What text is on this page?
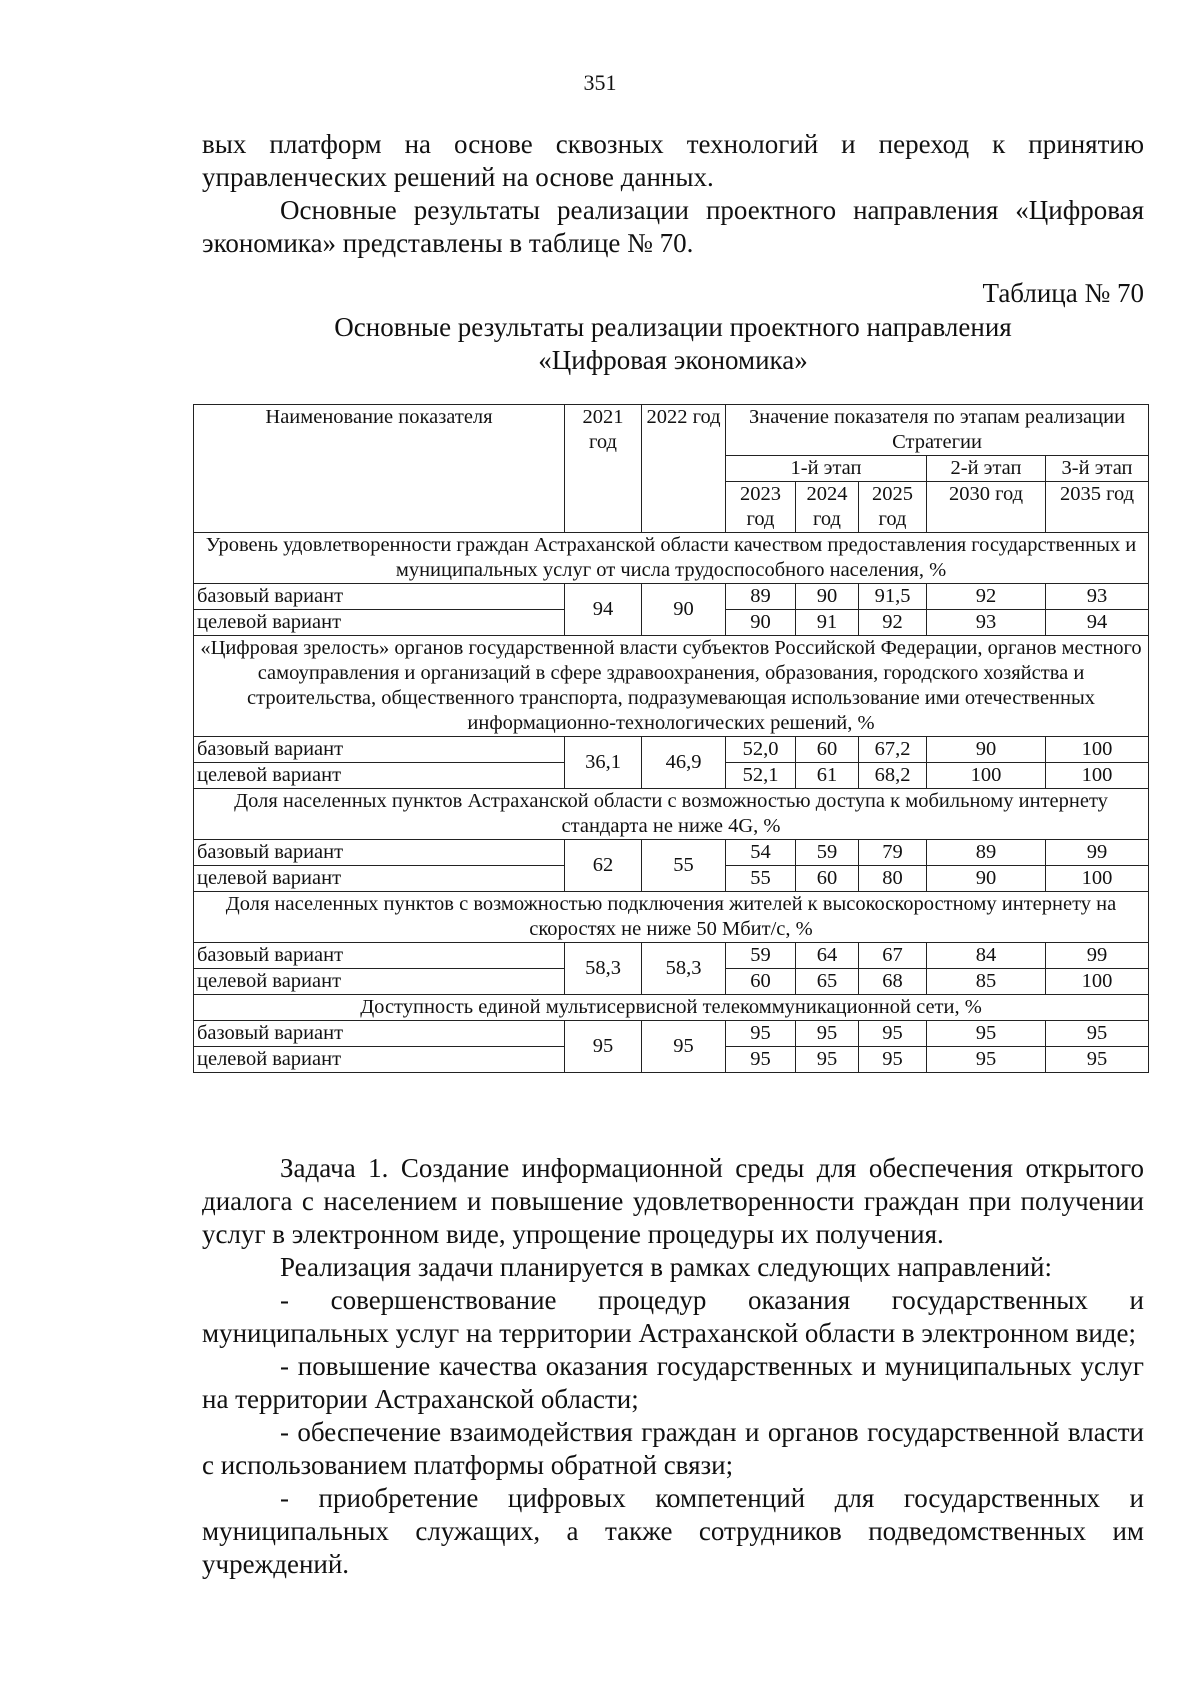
351

вых платформ на основе сквозных технологий и переход к принятию управленческих решений на основе данных.

Основные результаты реализации проектного направления «Цифровая экономика» представлены в таблице № 70.

Таблица № 70
Основные результаты реализации проектного направления
«Цифровая экономика»
Наименование показателя	2021 год	2022 год	Значение показателя по этапам реализации Стратегии				
			1-й этап			2-й этап	3-й этап
			2023 год	2024 год	2025 год	2030 год	2035 год
Уровень удовлетворенности граждан Астраханской области качеством предоставления государственных и муниципальных услуг от числа трудоспособного населения, %							
базовый вариант	94	90	89	90	91,5	92	93
целевой вариант			90	91	92	93	94
«Цифровая зрелость» органов государственной власти субъектов Российской Федерации, органов местного самоуправления и организаций в сфере здравоохранения, образования, городского хозяйства и строительства, общественного транспорта, подразумевающая использование ими отечественных информационно-технологических решений, %							
базовый вариант	36,1	46,9	52,0	60	67,2	90	100
целевой вариант			52,1	61	68,2	100	100
Доля населенных пунктов Астраханской области с возможностью доступа к мобильному интернету стандарта не ниже 4G, %							
базовый вариант	62	55	54	59	79	89	99
целевой вариант			55	60	80	90	100
Доля населенных пунктов с возможностью подключения жителей к высокоскоростному интернету на скоростях не ниже 50 Мбит/с, %							
базовый вариант	58,3	58,3	59	64	67	84	99
целевой вариант			60	65	68	85	100
Доступность единой мультисервисной телекоммуникационной сети, %							
базовый вариант	95	95	95	95	95	95	95
целевой вариант			95	95	95	95	95

Задача 1. Создание информационной среды для обеспечения открытого диалога с населением и повышение удовлетворенности граждан при получении услуг в электронном виде, упрощение процедуры их получения.

Реализация задачи планируется в рамках следующих направлений:

- совершенствование процедур оказания государственных и муниципальных услуг на территории Астраханской области в электронном виде;

- повышение качества оказания государственных и муниципальных услуг на территории Астраханской области;

- обеспечение взаимодействия граждан и органов государственной власти с использованием платформы обратной связи;

- приобретение цифровых компетенций для государственных и муниципальных служащих, а также сотрудников подведомственных им учреждений.
